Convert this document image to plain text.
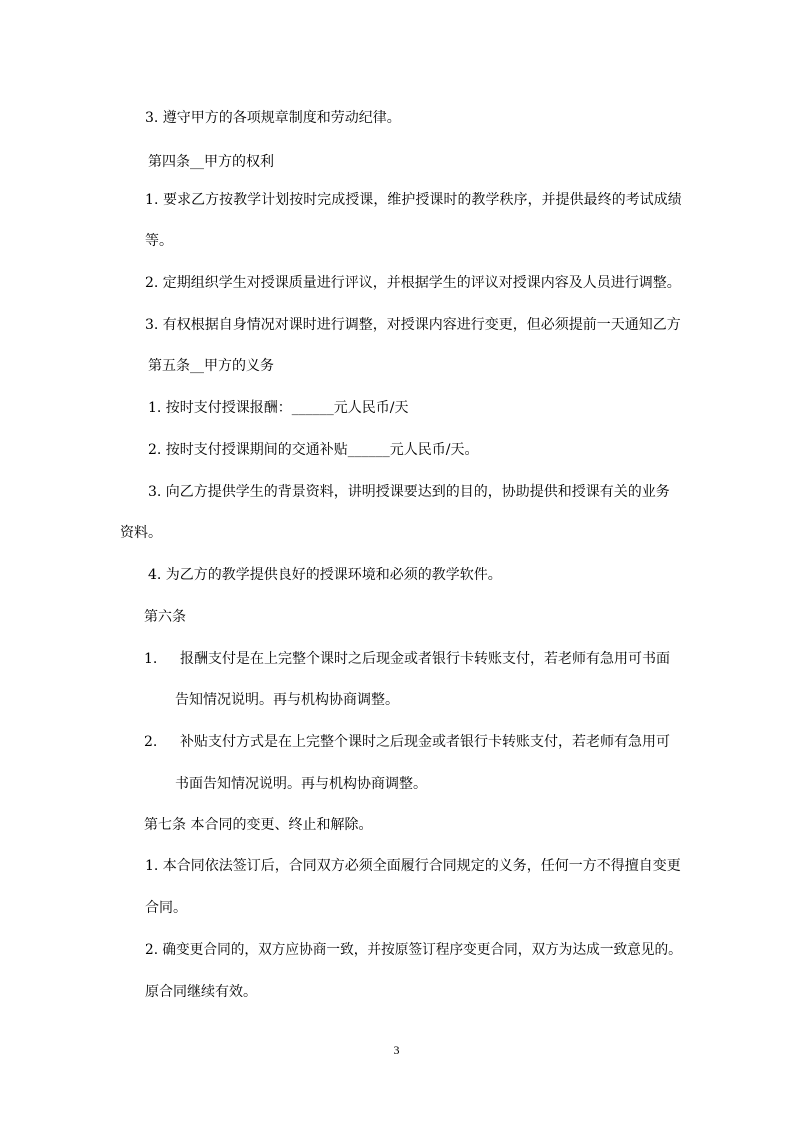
3. 遵守甲方的各项规章制度和劳动纪律。
第四条__甲方的权利
1. 要求乙方按教学计划按时完成授课，维护授课时的教学秩序，并提供最终的考试成绩
等。
2. 定期组织学生对授课质量进行评议，并根据学生的评议对授课内容及人员进行调整。
3. 有权根据自身情况对课时进行调整，对授课内容进行变更，但必须提前一天通知乙方
第五条__甲方的义务
1. 按时支付授课报酬：______元人民币/天
2. 按时支付授课期间的交通补贴______元人民币/天。
3. 向乙方提供学生的背景资料，讲明授课要达到的目的，协助提供和授课有关的业务
资料。
4. 为乙方的教学提供良好的授课环境和必须的教学软件。
第六条
1. 报酬支付是在上完整个课时之后现金或者银行卡转账支付，若老师有急用可书面
告知情况说明。再与机构协商调整。
2. 补贴支付方式是在上完整个课时之后现金或者银行卡转账支付，若老师有急用可
书面告知情况说明。再与机构协商调整。
第七条 本合同的变更、终止和解除。
1. 本合同依法签订后，合同双方必须全面履行合同规定的义务，任何一方不得擅自变更
合同。
2. 确变更合同的，双方应协商一致，并按原签订程序变更合同，双方为达成一致意见的。
原合同继续有效。
3
